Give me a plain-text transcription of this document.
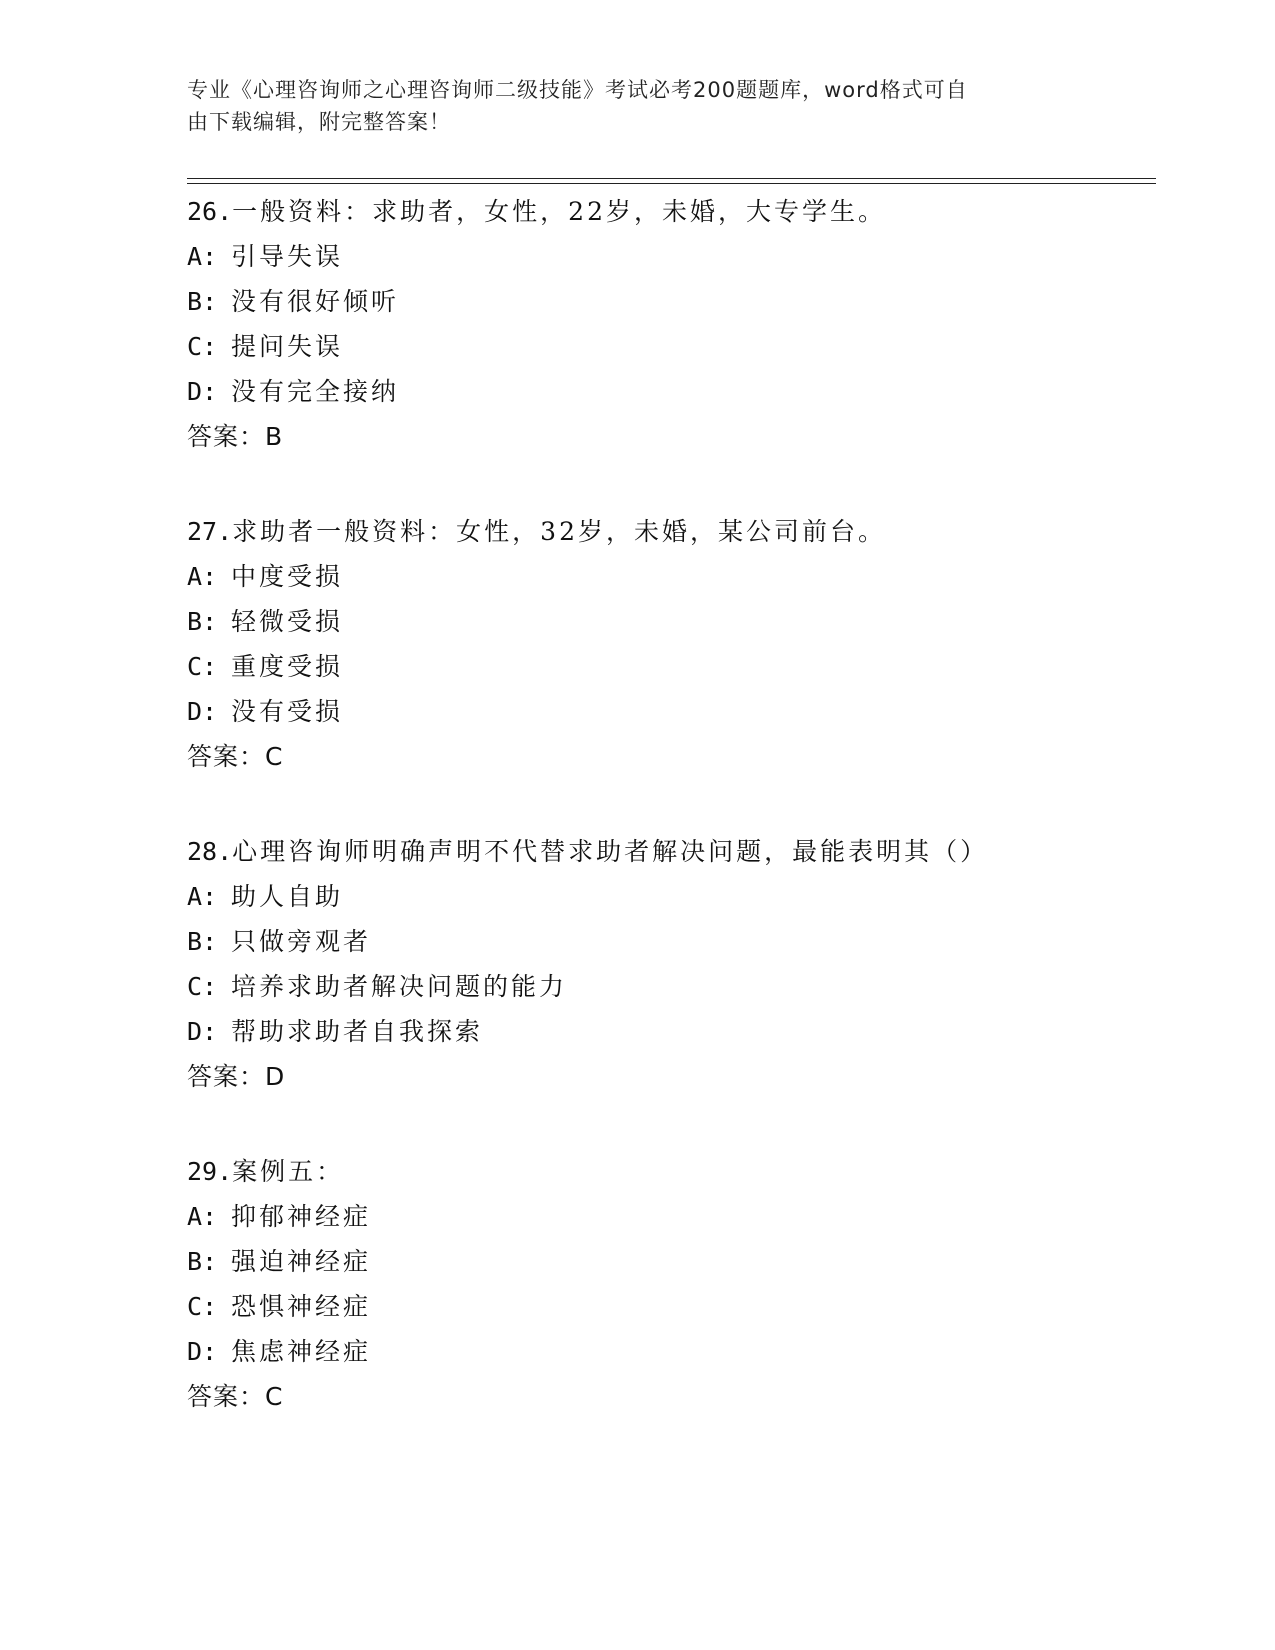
专业《心理咨询师之心理咨询师二级技能》考试必考200题题库，word格式可自
由下载编辑，附完整答案！
26.一般资料：求助者，女性，22岁，未婚，大专学生。
A: 引导失误
B: 没有很好倾听
C: 提问失误
D: 没有完全接纳
答案：B
27.求助者一般资料：女性，32岁，未婚，某公司前台。
A: 中度受损
B: 轻微受损
C: 重度受损
D: 没有受损
答案：C
28.心理咨询师明确声明不代替求助者解决问题，最能表明其（）
A: 助人自助
B: 只做旁观者
C: 培养求助者解决问题的能力
D: 帮助求助者自我探索
答案：D
29.案例五：
A: 抑郁神经症
B: 强迫神经症
C: 恐惧神经症
D: 焦虑神经症
答案：C
